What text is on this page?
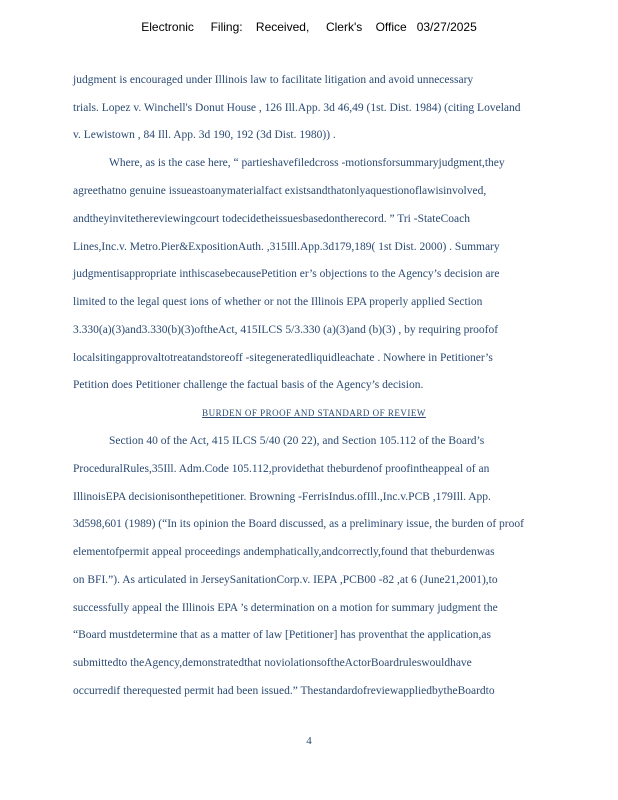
Electronic     Filing:    Received,     Clerk's    Office   03/27/2025
judgment is encouraged under Illinois law to facilitate litigation and avoid unnecessary
trials. Lopez v. Winchell's Donut House , 126 Ill.App. 3d 46,49 (1st. Dist. 1984) (citing Loveland
v. Lewistown , 84 Ill. App. 3d 190, 192 (3d Dist. 1980)) .
Where, as is the case here, “ partieshavefiledcross -motionsforsummaryjudgment,they
agreethatno genuine issueastoanymaterialfact existsandthatonlyaquestionoflawisinvolved,
andtheyinvitethereviewingcourt todecidetheissuesbasedontherecord. ” Tri -StateCoach
Lines,Inc.v. Metro.Pier&ExpositionAuth. ,315Ill.App.3d179,189( 1st Dist. 2000) . Summary
judgmentisappropriate inthiscasebecausePetition er’s objections to the Agency’s decision are
limited to the legal quest ions of whether or not the Illinois EPA properly applied Section
3.330(a)(3)and3.330(b)(3)oftheAct, 415ILCS 5/3.330 (a)(3)and (b)(3) , by requiring proofof
localsitingapprovaltotreatandstoreoff -sitegeneratedliquidleachate . Nowhere in Petitioner’s
Petition does Petitioner challenge the factual basis of the Agency’s decision.
BURDEN OF PROOF AND STANDARD OF REVIEW
Section 40 of the Act, 415 ILCS 5/40 (20 22), and Section 105.112 of the Board’s
ProceduralRules,35Ill. Adm.Code 105.112,providethat theburdenof proofintheappeal of an
IllinoisEPA decisionisonthepetitioner. Browning -FerrisIndus.ofIll.,Inc.v.PCB ,179Ill. App.
3d598,601 (1989) (“In its opinion the Board discussed, as a preliminary issue, the burden of proof
elementofpermit appeal proceedings andemphatically,andcorrectly,found that theburdenwas
on BFI.”). As articulated in JerseySanitationCorp.v. IEPA ,PCB00 -82 ,at 6 (June21,2001),to
successfully appeal the Illinois EPA ’s determination on a motion for summary judgment the
“Board mustdetermine that as a matter of law [Petitioner] has proventhat the application,as
submittedto theAgency,demonstratedthat noviolationsoftheActorBoardruleswouldhave
occurredif therequested permit had been issued.” ThestandardofreviewappliedbytheBoardto
4
